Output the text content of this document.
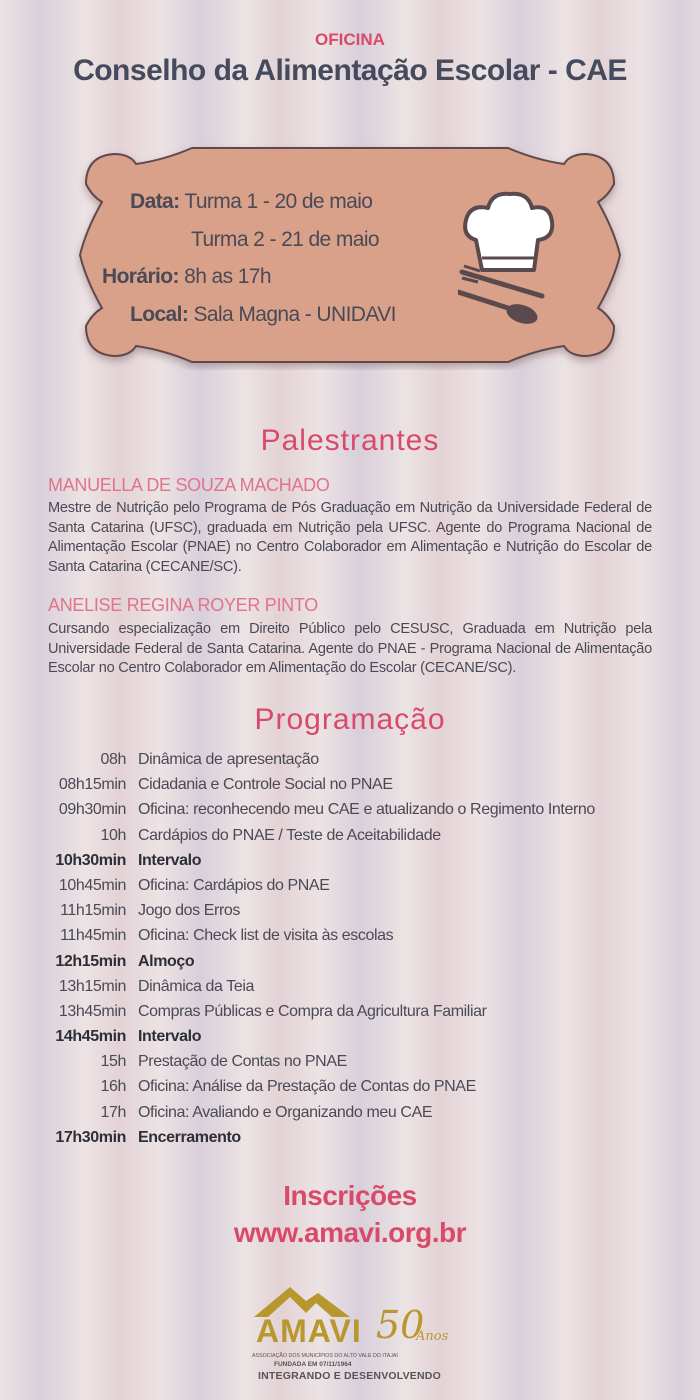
OFICINA
Conselho da Alimentação Escolar - CAE
Data: Turma 1 - 20 de maio
Turma 2 - 21 de maio
Horário: 8h as 17h
Local: Sala Magna - UNIDAVI
Palestrantes
MANUELLA DE SOUZA MACHADO
Mestre de Nutrição pelo Programa de Pós Graduação em Nutrição da Universidade Federal de Santa Catarina (UFSC), graduada em Nutrição pela UFSC. Agente do Programa Nacional de Alimentação Escolar (PNAE) no Centro Colaborador em Alimentação e Nutrição do Escolar de Santa Catarina (CECANE/SC).
ANELISE REGINA ROYER PINTO
Cursando especialização em Direito Público pelo CESUSC, Graduada em Nutrição pela Universidade Federal de Santa Catarina. Agente do PNAE - Programa Nacional de Alimentação Escolar no Centro Colaborador em Alimentação do Escolar (CECANE/SC).
Programação
08h Dinâmica de apresentação
08h15min Cidadania e Controle Social no PNAE
09h30min Oficina: reconhecendo meu CAE e atualizando o Regimento Interno
10h Cardápios do PNAE / Teste de Aceitabilidade
10h30min Intervalo
10h45min Oficina: Cardápios do PNAE
11h15min Jogo dos Erros
11h45min Oficina: Check list de visita às escolas
12h15min Almoço
13h15min Dinâmica da Teia
13h45min Compras Públicas e Compra da Agricultura Familiar
14h45min Intervalo
15h Prestação de Contas no PNAE
16h Oficina: Análise da Prestação de Contas do PNAE
17h Oficina: Avaliando e Organizando meu CAE
17h30min Encerramento
Inscrições
www.amavi.org.br
AMAVI 50
Anos
ASSOCIAÇÃO DOS MUNICÍPIOS DO ALTO VALE DO ITAJAÍ
FUNDADA EM 07/11/1964
INTEGRANDO E DESENVOLVENDO
